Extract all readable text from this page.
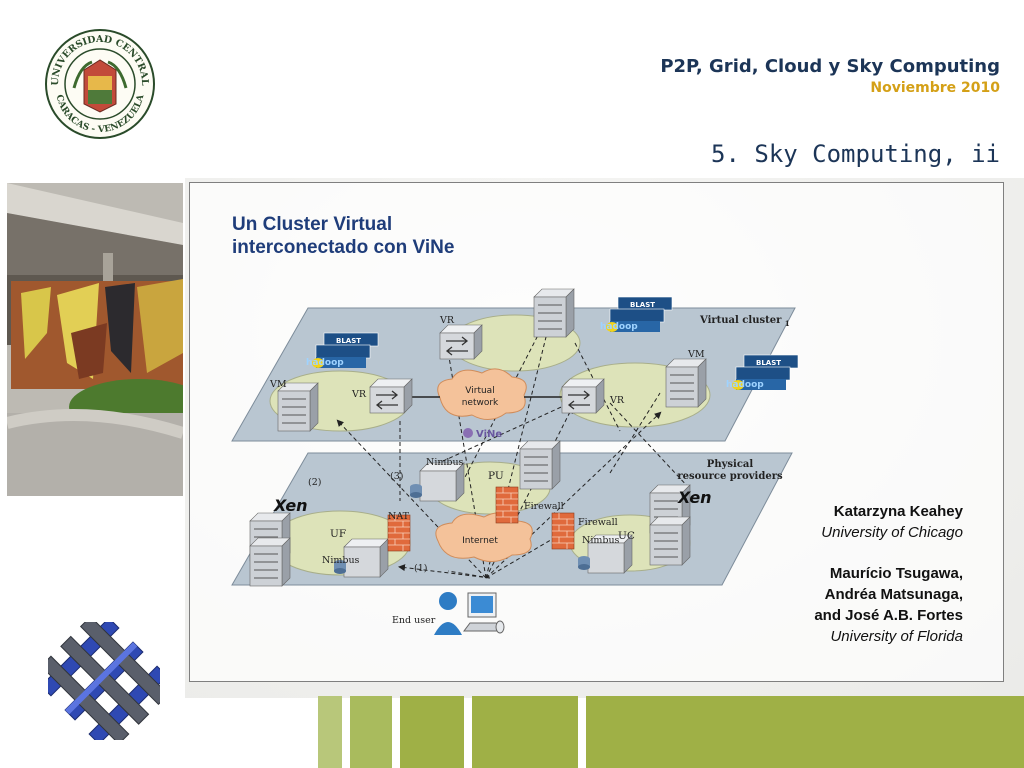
UNIVERSIDAD CENTRAL
CARACAS - VENEZUELA
P2P, Grid, Cloud y Sky Computing
Noviembre 2010
5. Sky Computing, ii
Un Cluster Virtual
interconectado con ViNe
Virtual cluster $_1$
Physical
resource providers
Virtual
network
ViNe
Internet
BLAST
hadoop
BLAST
hadoop	BLAST
hadoop
Xen	Xen
VR
VR
VR
VM
VM
UF
PU
UC
Nimbus
Nimbus
Nimbus
NAT
Firewall
Firewall
(2)
(3)
(1)
End user
Katarzyna Keahey
University of Chicago
Maurício Tsugawa,
Andréa Matsunaga,
and José A.B. Fortes
University of Florida
